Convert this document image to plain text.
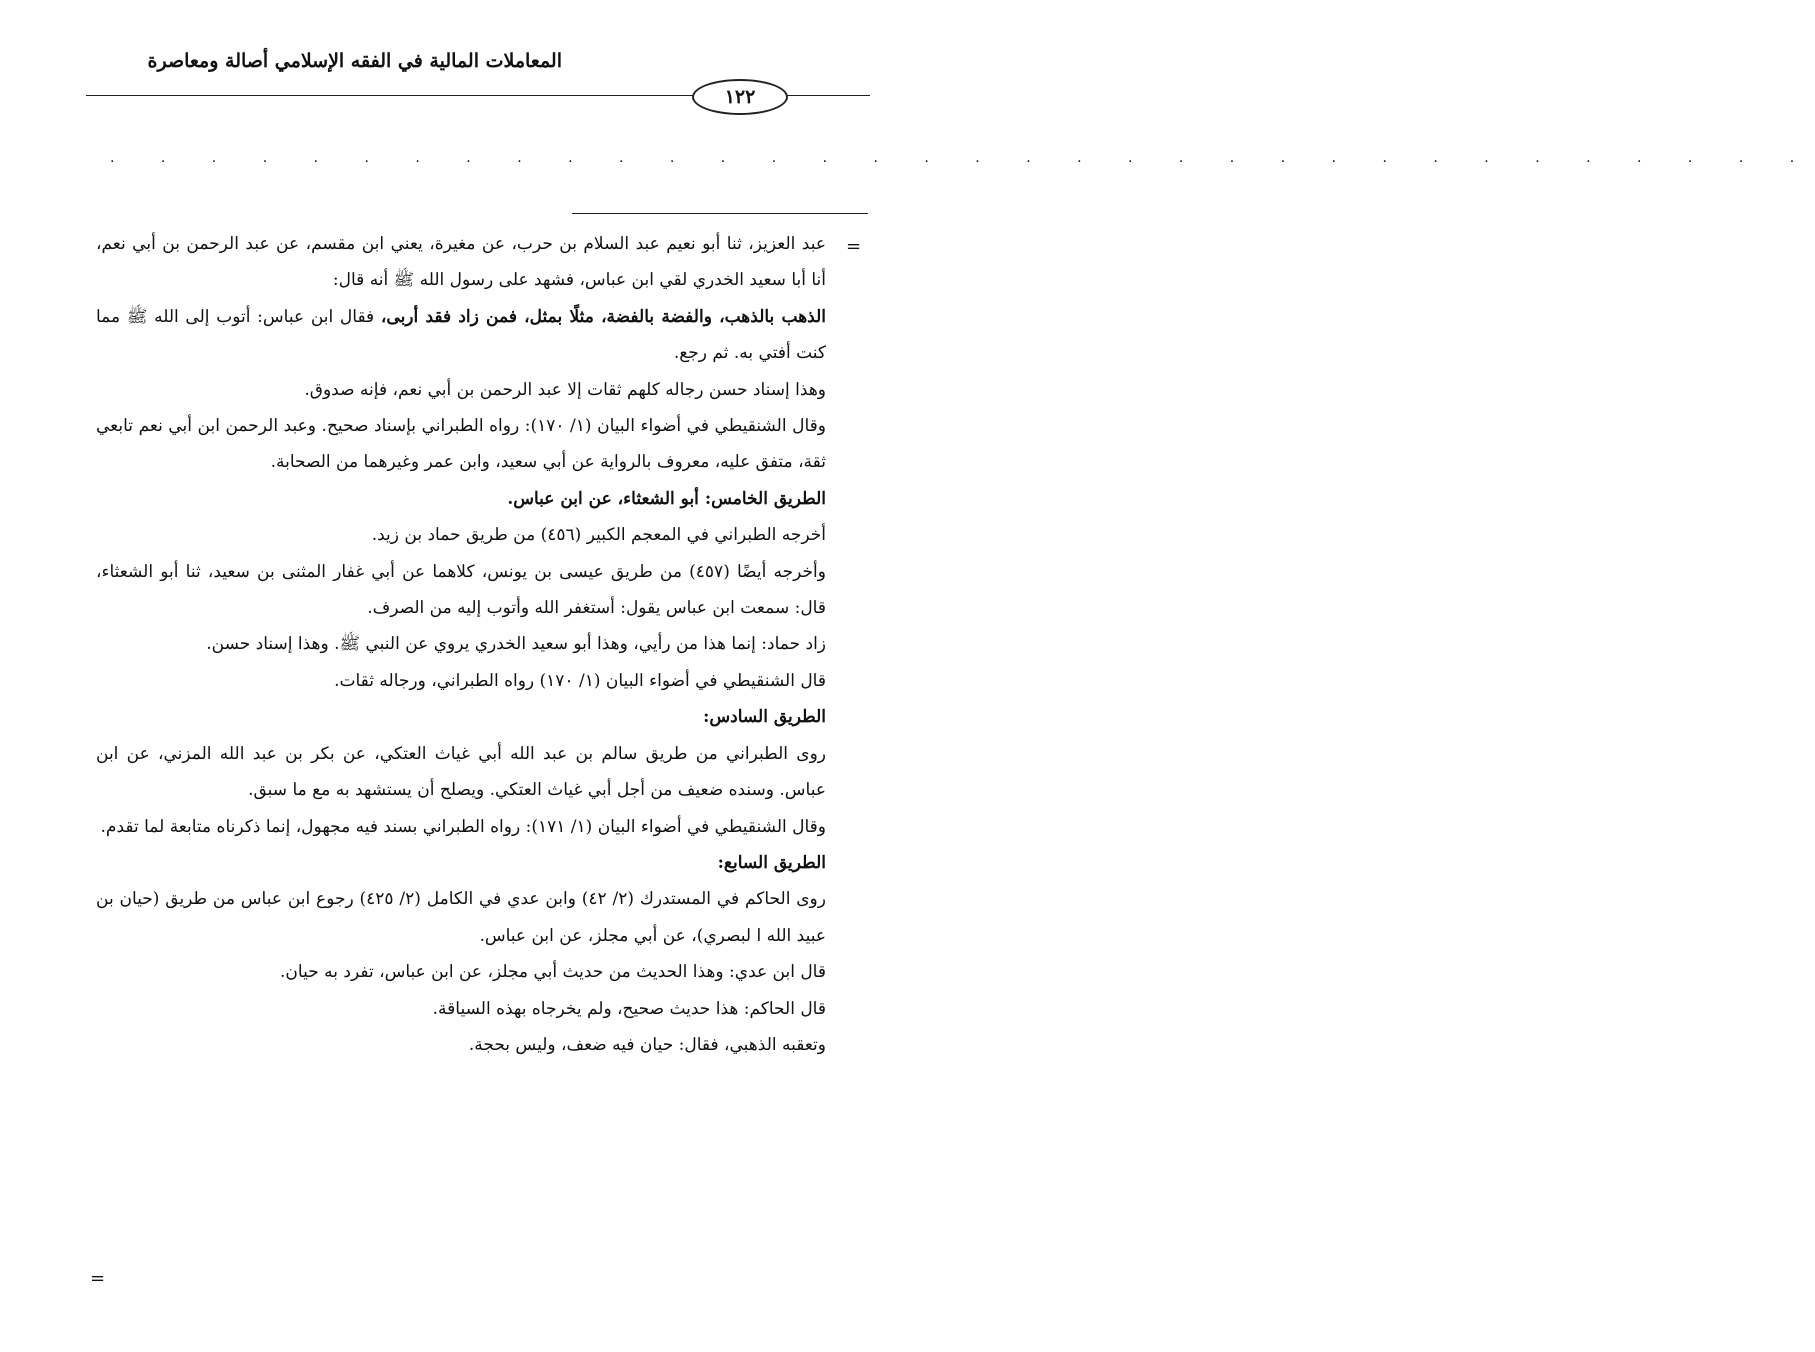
المعاملات المالية في الفقه الإسلامي أصالة ومعاصرة
١٢٢
. . . . . . . . . . . . . . . . . . . . . . . . . . . . . . . . . .
=
=

عبد العزيز، ثنا أبو نعيم عبد السلام بن حرب، عن مغيرة، يعني ابن مقسم، عن عبد الرحمن بن أبي نعم، أنا أبا سعيد الخدري لقي ابن عباس، فشهد على رسول الله ﷺ أنه قال:

الذهب بالذهب، والفضة بالفضة، مثلًا بمثل، فمن زاد فقد أربى، فقال ابن عباس: أتوب إلى الله ﷺ مما كنت أفتي به. ثم رجع.

وهذا إسناد حسن رجاله كلهم ثقات إلا عبد الرحمن بن أبي نعم، فإنه صدوق.

وقال الشنقيطي في أضواء البيان (١/ ١٧٠): رواه الطبراني بإسناد صحيح. وعبد الرحمن ابن أبي نعم تابعي ثقة، متفق عليه، معروف بالرواية عن أبي سعيد، وابن عمر وغيرهما من الصحابة.

الطريق الخامس: أبو الشعثاء، عن ابن عباس.

أخرجه الطبراني في المعجم الكبير (٤٥٦) من طريق حماد بن زيد.

وأخرجه أيضًا (٤٥٧) من طريق عيسى بن يونس، كلاهما عن أبي غفار المثنى بن سعيد، ثنا أبو الشعثاء، قال: سمعت ابن عباس يقول: أستغفر الله وأتوب إليه من الصرف.

زاد حماد: إنما هذا من رأيي، وهذا أبو سعيد الخدري يروي عن النبي ﷺ. وهذا إسناد حسن.

قال الشنقيطي في أضواء البيان (١/ ١٧٠) رواه الطبراني، ورجاله ثقات.

الطريق السادس:

روى الطبراني من طريق سالم بن عبد الله أبي غياث العتكي، عن بكر بن عبد الله المزني، عن ابن عباس. وسنده ضعيف من أجل أبي غياث العتكي. ويصلح أن يستشهد به مع ما سبق.

وقال الشنقيطي في أضواء البيان (١/ ١٧١): رواه الطبراني بسند فيه مجهول، إنما ذكرناه متابعة لما تقدم.

الطريق السابع:

روى الحاكم في المستدرك (٢/ ٤٢) وابن عدي في الكامل (٢/ ٤٢٥) رجوع ابن عباس من طريق (حيان بن عبيد الله ا لبصري)، عن أبي مجلز، عن ابن عباس.

قال ابن عدي: وهذا الحديث من حديث أبي مجلز، عن ابن عباس، تفرد به حيان.

قال الحاكم: هذا حديث صحيح، ولم يخرجاه بهذه السياقة.

وتعقبه الذهبي، فقال: حيان فيه ضعف، وليس بحجة.
